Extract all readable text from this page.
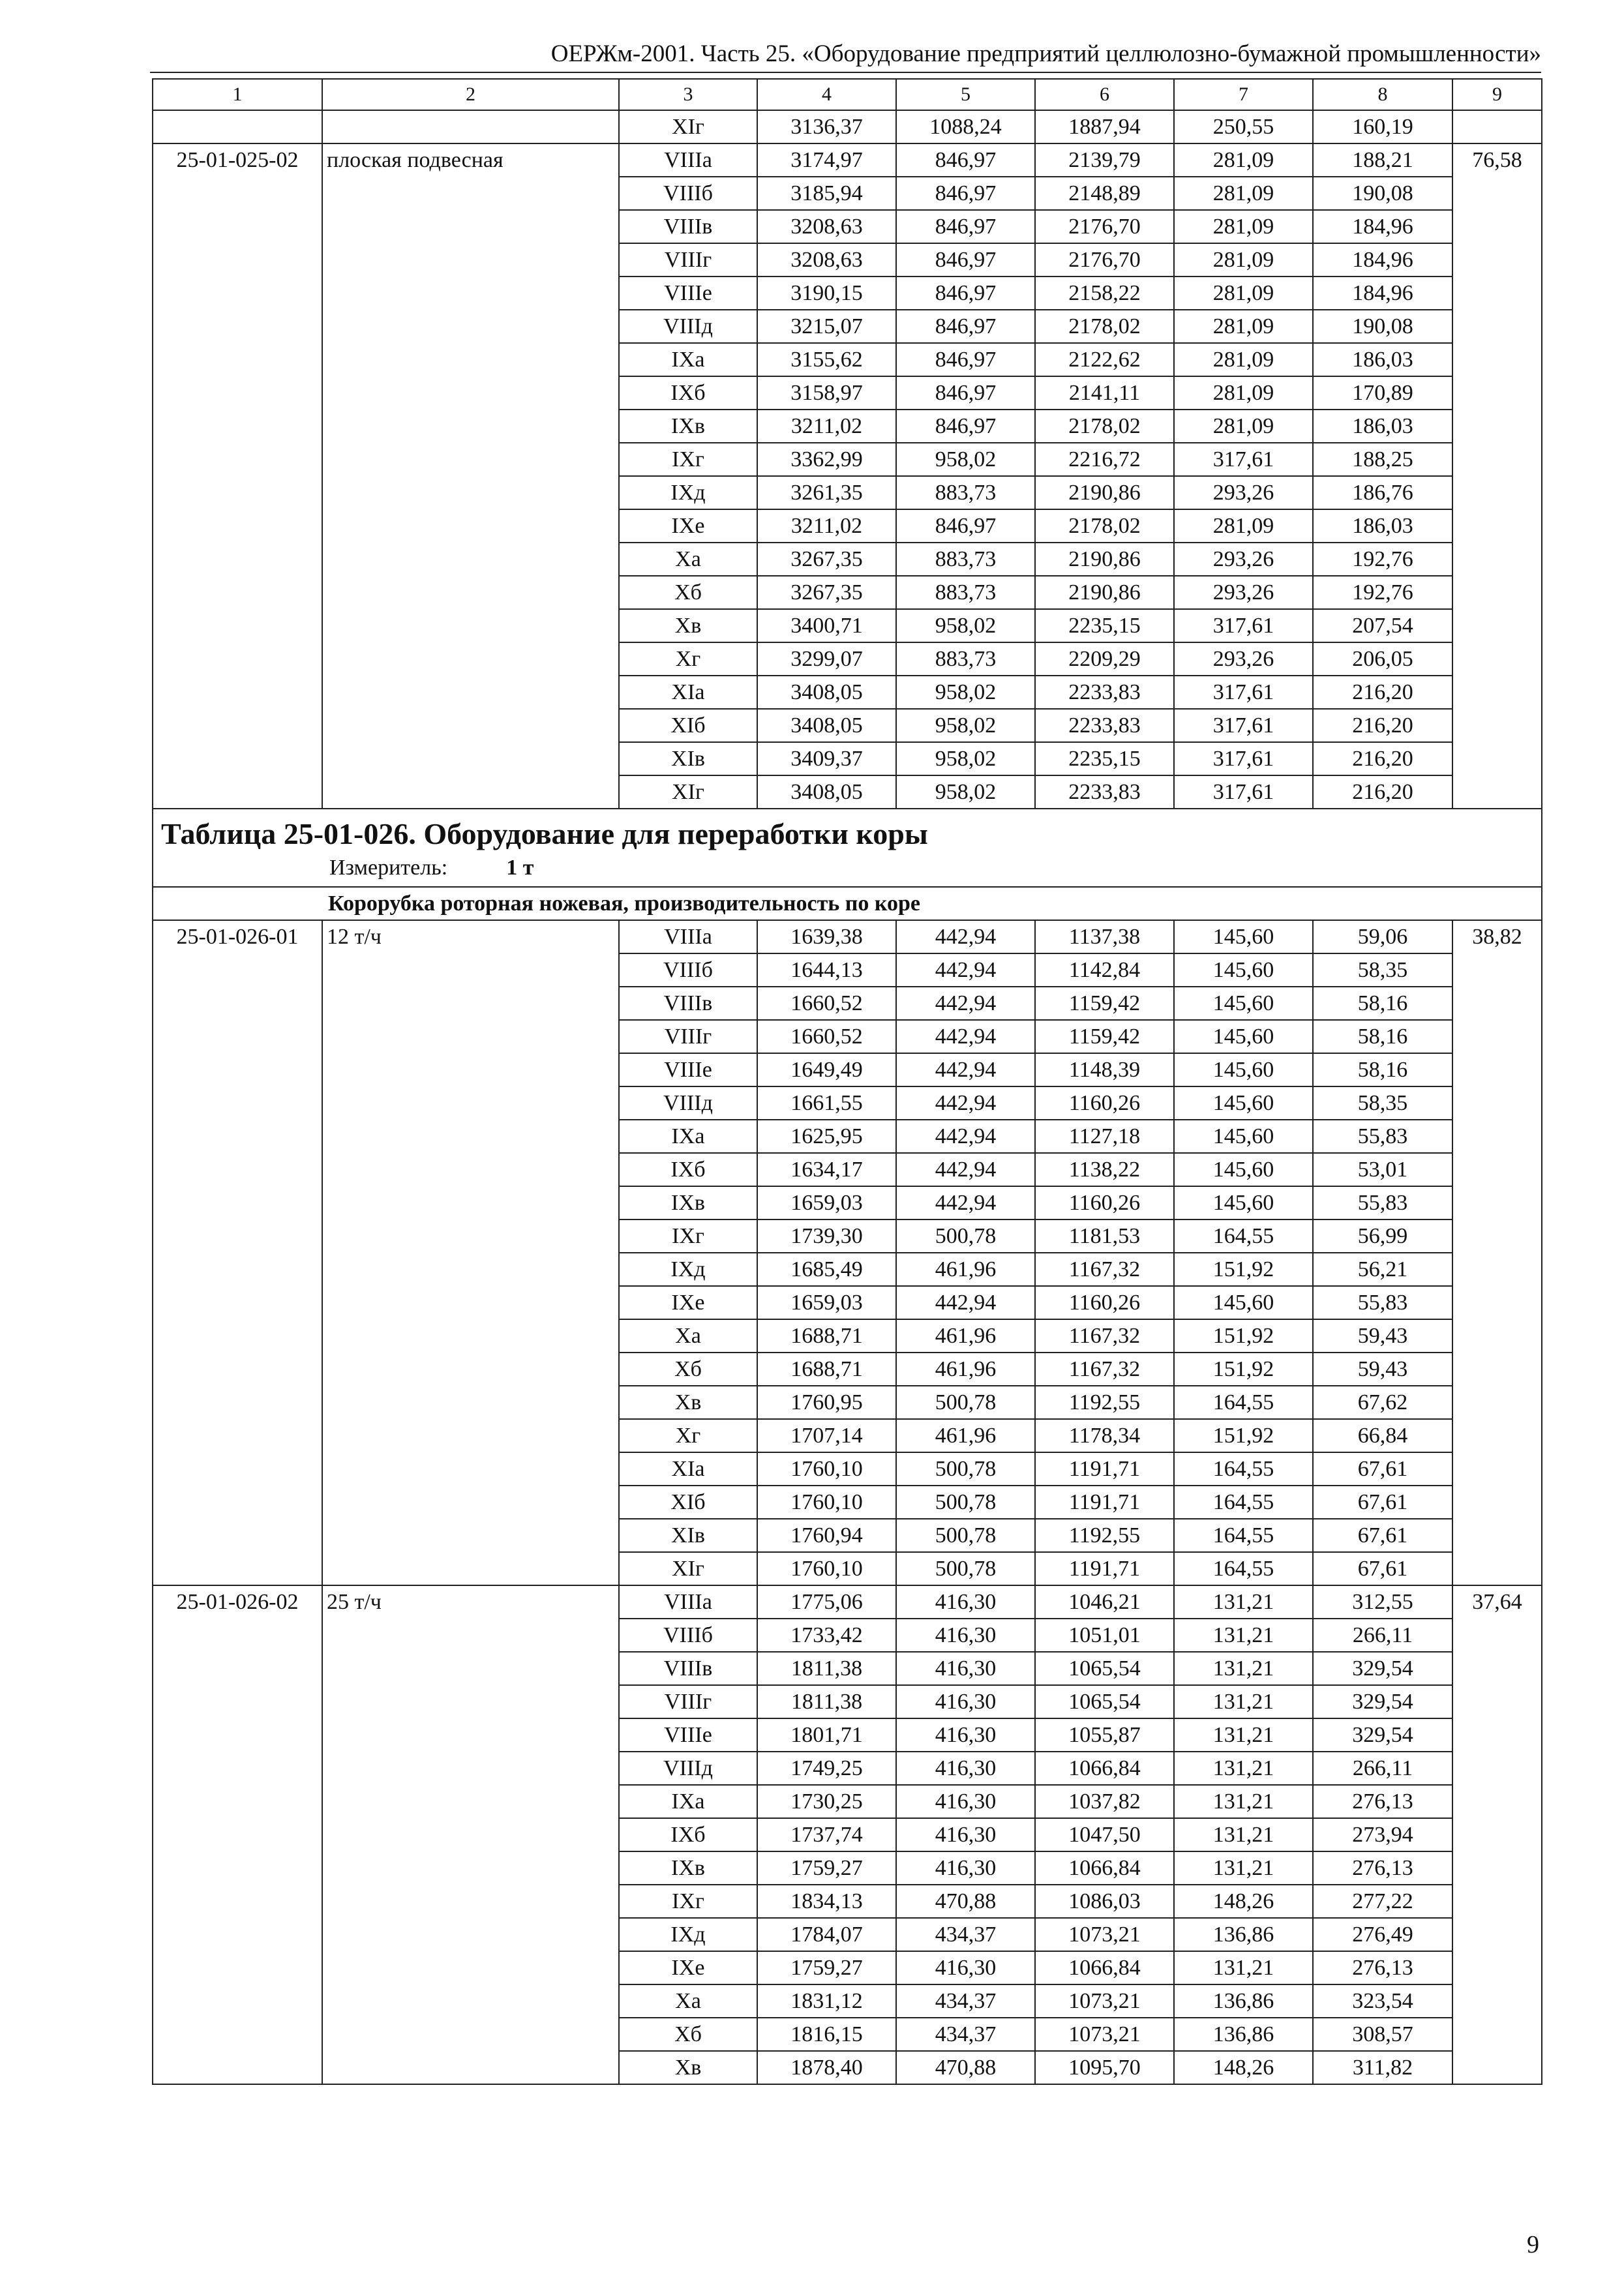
ОЕРЖм-2001. Часть 25. «Оборудование предприятий целлюлозно-бумажной промышленности»
1	2	3	4	5	6	7	8	9
		XIг	3136,37	1088,24	1887,94	250,55	160,19	
25-01-025-02	плоская подвесная	VIIIа	3174,97	846,97	2139,79	281,09	188,21	76,58
		VIIIб	3185,94	846,97	2148,89	281,09	190,08	
		VIIIв	3208,63	846,97	2176,70	281,09	184,96	
		VIIIг	3208,63	846,97	2176,70	281,09	184,96	
		VIIIе	3190,15	846,97	2158,22	281,09	184,96	
		VIIIд	3215,07	846,97	2178,02	281,09	190,08	
		IXа	3155,62	846,97	2122,62	281,09	186,03	
		IXб	3158,97	846,97	2141,11	281,09	170,89	
		IXв	3211,02	846,97	2178,02	281,09	186,03	
		IXг	3362,99	958,02	2216,72	317,61	188,25	
		IXд	3261,35	883,73	2190,86	293,26	186,76	
		IXе	3211,02	846,97	2178,02	281,09	186,03	
		Xа	3267,35	883,73	2190,86	293,26	192,76	
		Xб	3267,35	883,73	2190,86	293,26	192,76	
		Xв	3400,71	958,02	2235,15	317,61	207,54	
		Xг	3299,07	883,73	2209,29	293,26	206,05	
		XIа	3408,05	958,02	2233,83	317,61	216,20	
		XIб	3408,05	958,02	2233,83	317,61	216,20	
		XIв	3409,37	958,02	2235,15	317,61	216,20	
		XIг	3408,05	958,02	2233,83	317,61	216,20	

Таблица 25-01-026. Оборудование для переработки коры
Измеритель: 1 т								

Корорубка роторная ножевая, производительность по коре								
25-01-026-01	12 т/ч	VIIIа	1639,38	442,94	1137,38	145,60	59,06	38,82
		VIIIб	1644,13	442,94	1142,84	145,60	58,35	
		VIIIв	1660,52	442,94	1159,42	145,60	58,16	
		VIIIг	1660,52	442,94	1159,42	145,60	58,16	
		VIIIе	1649,49	442,94	1148,39	145,60	58,16	
		VIIIд	1661,55	442,94	1160,26	145,60	58,35	
		IXа	1625,95	442,94	1127,18	145,60	55,83	
		IXб	1634,17	442,94	1138,22	145,60	53,01	
		IXв	1659,03	442,94	1160,26	145,60	55,83	
		IXг	1739,30	500,78	1181,53	164,55	56,99	
		IXд	1685,49	461,96	1167,32	151,92	56,21	
		IXе	1659,03	442,94	1160,26	145,60	55,83	
		Xа	1688,71	461,96	1167,32	151,92	59,43	
		Xб	1688,71	461,96	1167,32	151,92	59,43	
		Xв	1760,95	500,78	1192,55	164,55	67,62	
		Xг	1707,14	461,96	1178,34	151,92	66,84	
		XIа	1760,10	500,78	1191,71	164,55	67,61	
		XIб	1760,10	500,78	1191,71	164,55	67,61	
		XIв	1760,94	500,78	1192,55	164,55	67,61	
		XIг	1760,10	500,78	1191,71	164,55	67,61	
25-01-026-02	25 т/ч	VIIIа	1775,06	416,30	1046,21	131,21	312,55	37,64
		VIIIб	1733,42	416,30	1051,01	131,21	266,11	
		VIIIв	1811,38	416,30	1065,54	131,21	329,54	
		VIIIг	1811,38	416,30	1065,54	131,21	329,54	
		VIIIе	1801,71	416,30	1055,87	131,21	329,54	
		VIIIд	1749,25	416,30	1066,84	131,21	266,11	
		IXа	1730,25	416,30	1037,82	131,21	276,13	
		IXб	1737,74	416,30	1047,50	131,21	273,94	
		IXв	1759,27	416,30	1066,84	131,21	276,13	
		IXг	1834,13	470,88	1086,03	148,26	277,22	
		IXд	1784,07	434,37	1073,21	136,86	276,49	
		IXе	1759,27	416,30	1066,84	131,21	276,13	
		Xа	1831,12	434,37	1073,21	136,86	323,54	
		Xб	1816,15	434,37	1073,21	136,86	308,57	
		Xв	1878,40	470,88	1095,70	148,26	311,82	
9
